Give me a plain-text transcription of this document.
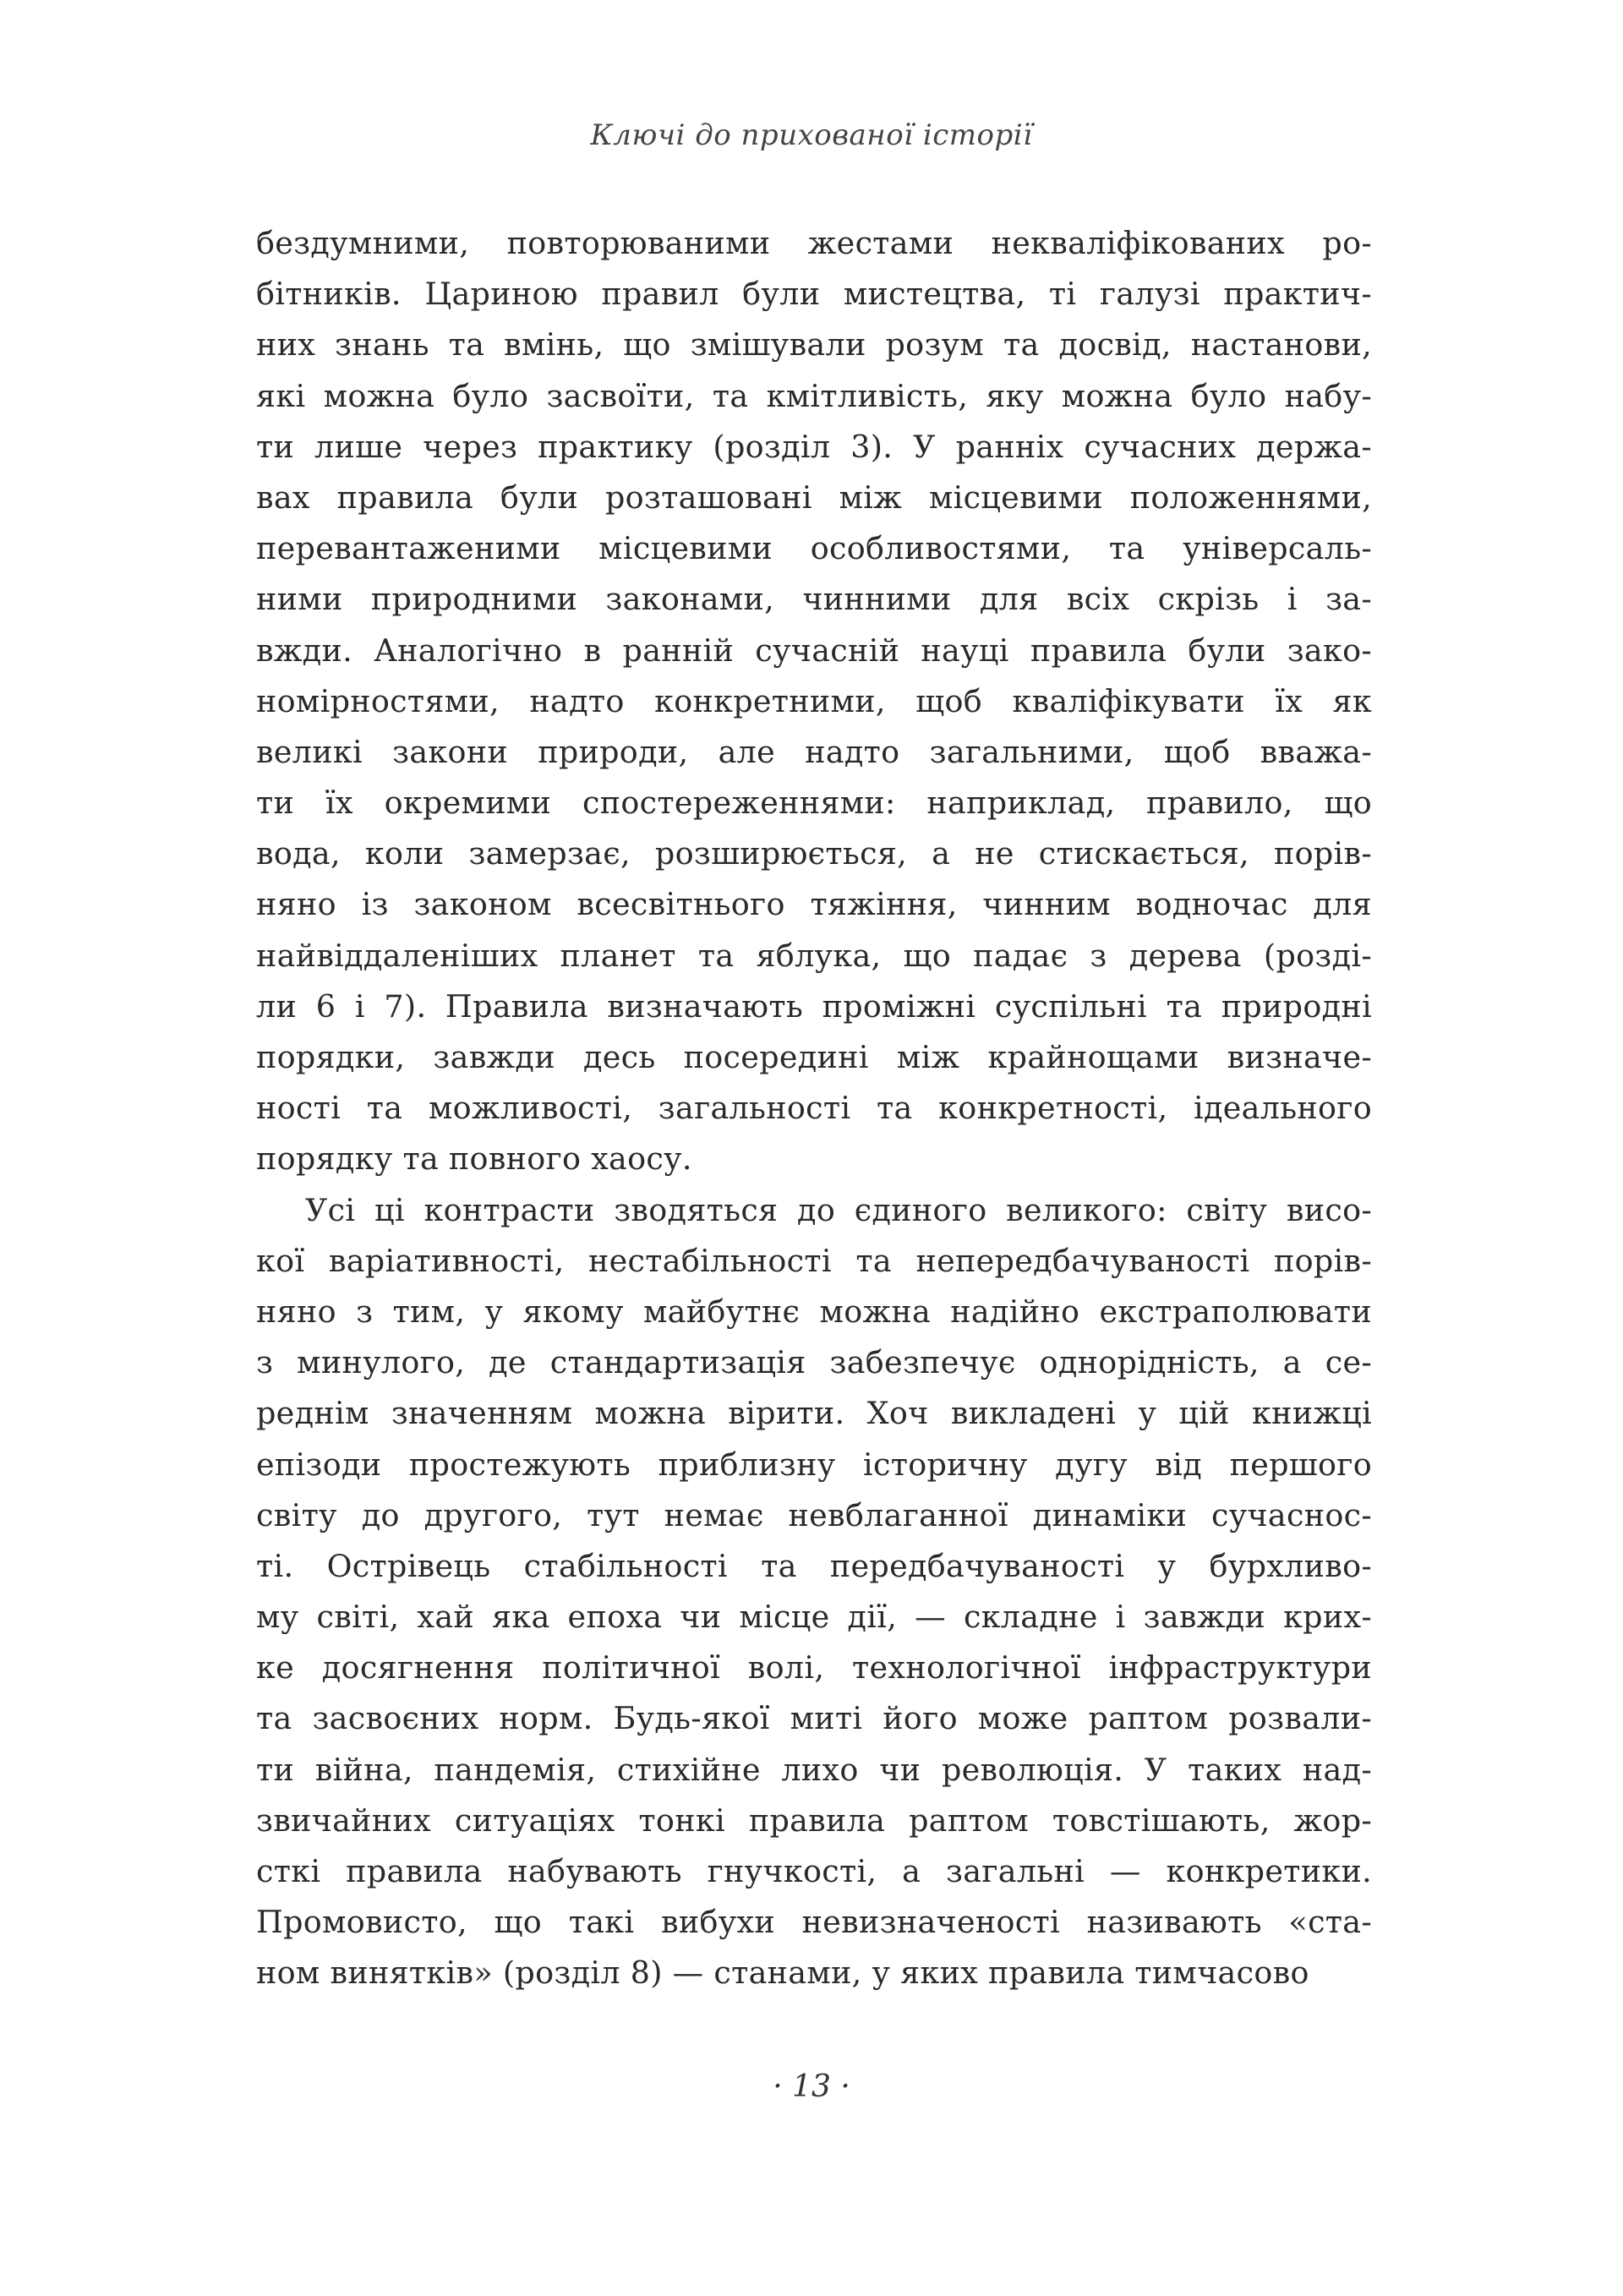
Ключі до прихованої історії
бездумними, повторюваними жестами некваліфікованих ро-
бітників. Цариною правил були мистецтва, ті галузі практич-
них знань та вмінь, що змішували розум та досвід, настанови,
які можна було засвоїти, та кмітливість, яку можна було набу-
ти лише через практику (розділ 3). У ранніх сучасних держа-
вах правила були розташовані між місцевими положеннями,
перевантаженими місцевими особливостями, та універсаль-
ними природними законами, чинними для всіх скрізь і за-
вжди. Аналогічно в ранній сучасній науці правила були зако-
номірностями, надто конкретними, щоб кваліфікувати їх як
великі закони природи, але надто загальними, щоб вважа-
ти їх окремими спостереженнями: наприклад, правило, що
вода, коли замерзає, розширюється, а не стискається, порів-
няно із законом всесвітнього тяжіння, чинним водночас для
найвіддаленіших планет та яблука, що падає з дерева (розді-
ли 6 і 7). Правила визначають проміжні суспільні та природні
порядки, завжди десь посередині між крайнощами визначе-
ності та можливості, загальності та конкретності, ідеального
порядку та повного хаосу.
Усі ці контрасти зводяться до єдиного великого: світу висо-
кої варіативності, нестабільності та непередбачуваності порів-
няно з тим, у якому майбутнє можна надійно екстраполювати
з минулого, де стандартизація забезпечує однорідність, а се-
реднім значенням можна вірити. Хоч викладені у цій книжці
епізоди простежують приблизну історичну дугу від першого
світу до другого, тут немає невблаганної динаміки сучаснос-
ті. Острівець стабільності та передбачуваності у бурхливо-
му світі, хай яка епоха чи місце дії, — складне і завжди крих-
ке досягнення політичної волі, технологічної інфраструктури
та засвоєних норм. Будь-якої миті його може раптом розвали-
ти війна, пандемія, стихійне лихо чи революція. У таких над-
звичайних ситуаціях тонкі правила раптом товстішають, жор-
сткі правила набувають гнучкості, а загальні — конкретики.
Промовисто, що такі вибухи невизначеності називають «ста-
ном винятків» (розділ 8) — станами, у яких правила тимчасово
· 13 ·
